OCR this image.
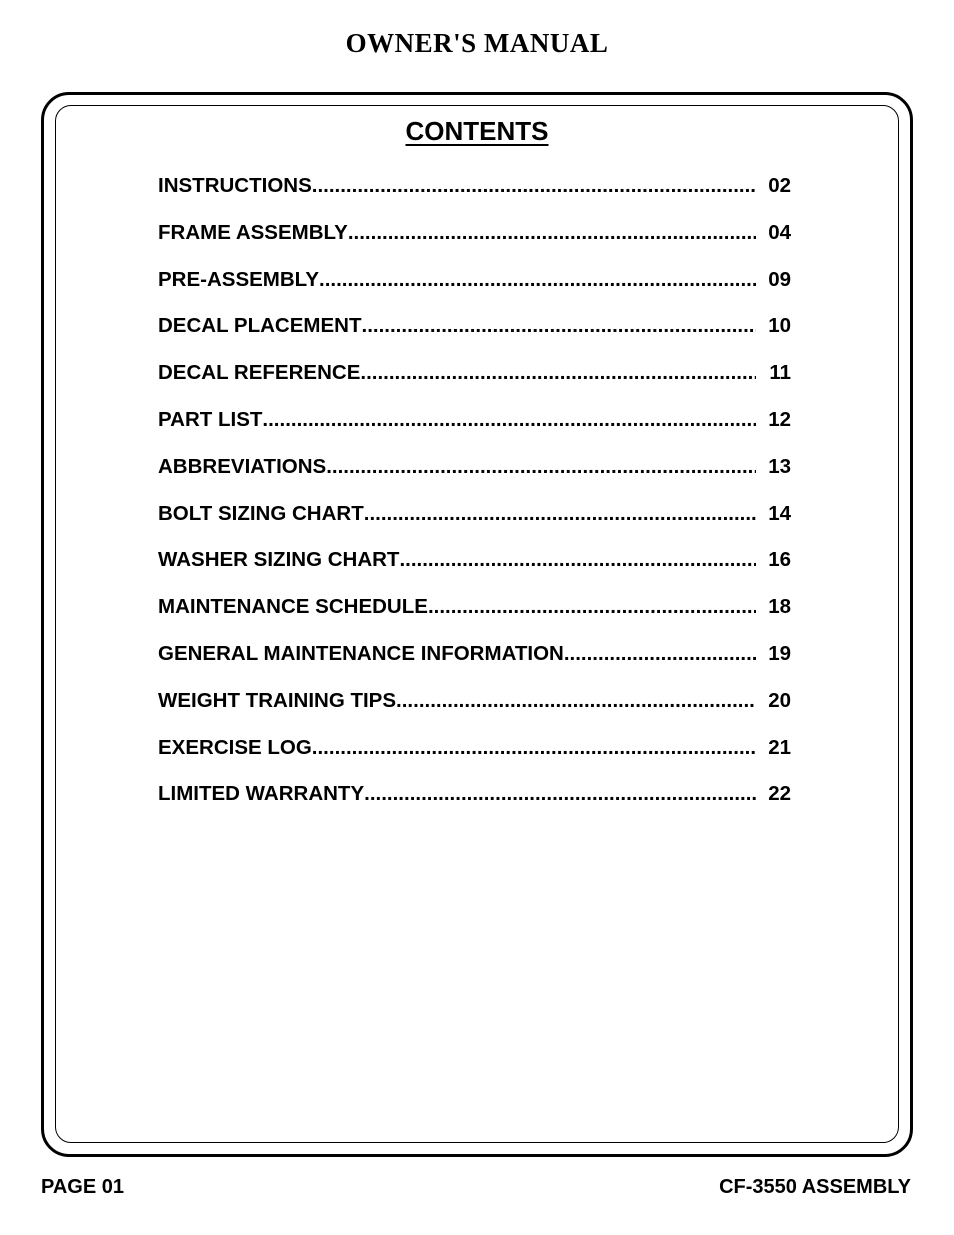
OWNER'S MANUAL
CONTENTS
INSTRUCTIONS .....	02
FRAME ASSEMBLY .....	04
PRE-ASSEMBLY .....	09
DECAL PLACEMENT .....	10
DECAL REFERENCE .....	11
PART LIST .....	12
ABBREVIATIONS .....	13
BOLT SIZING CHART .....	14
WASHER SIZING CHART .....	16
MAINTENANCE SCHEDULE .....	18
GENERAL MAINTENANCE INFORMATION .....	19
WEIGHT TRAINING TIPS .....	20
EXERCISE LOG .....	21
LIMITED WARRANTY .....	22
PAGE 01	CF-3550 ASSEMBLY
